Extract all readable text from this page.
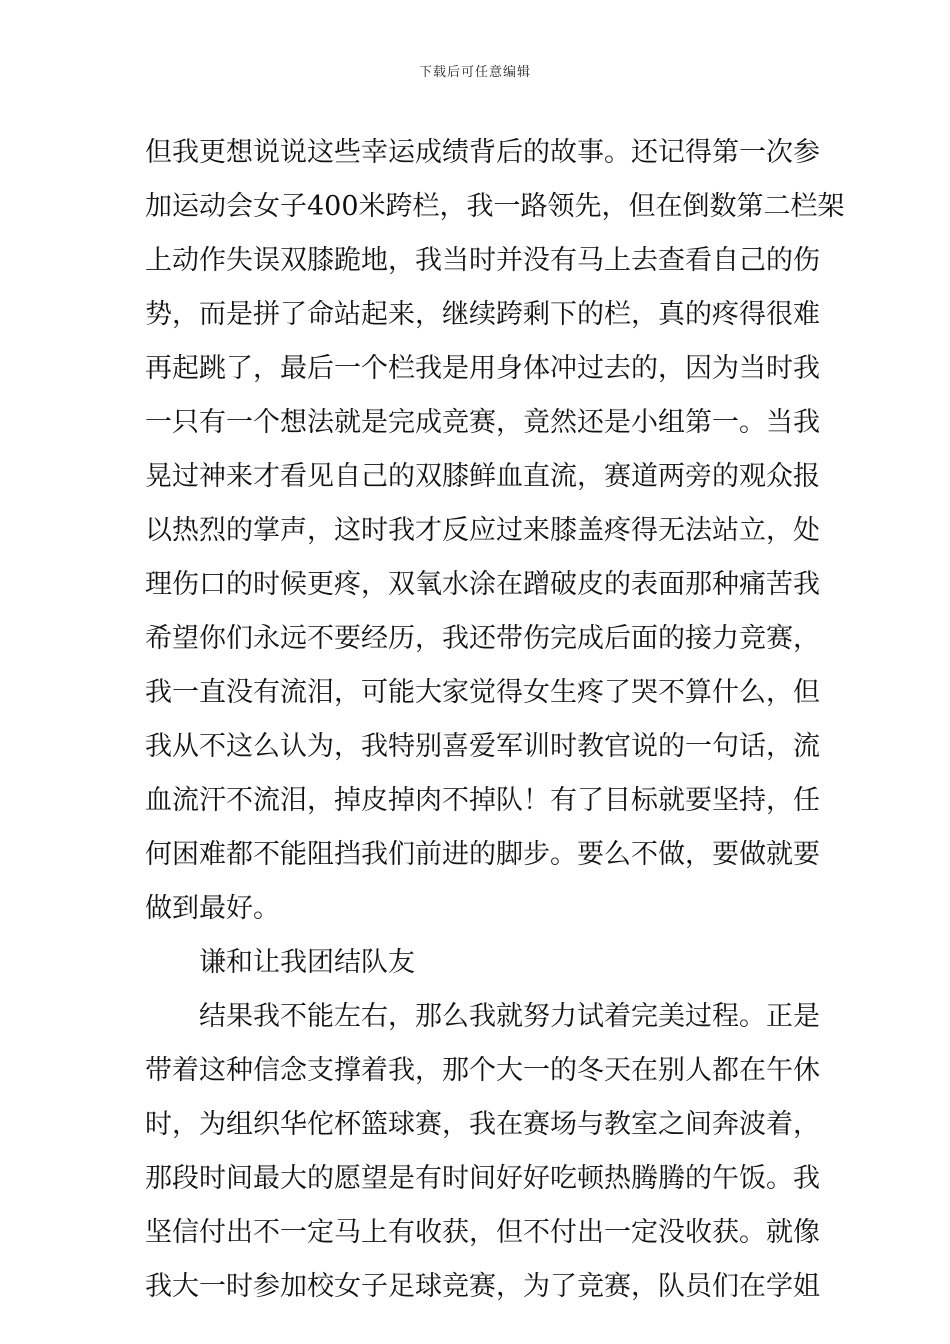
下载后可任意编辑
但我更想说说这些幸运成绩背后的故事。还记得第一次参
加运动会女子400米跨栏，我一路领先，但在倒数第二栏架
上动作失误双膝跪地，我当时并没有马上去查看自己的伤
势，而是拼了命站起来，继续跨剩下的栏，真的疼得很难
再起跳了，最后一个栏我是用身体冲过去的，因为当时我
一只有一个想法就是完成竞赛，竟然还是小组第一。当我
晃过神来才看见自己的双膝鲜血直流，赛道两旁的观众报
以热烈的掌声，这时我才反应过来膝盖疼得无法站立，处
理伤口的时候更疼，双氧水涂在蹭破皮的表面那种痛苦我
希望你们永远不要经历，我还带伤完成后面的接力竞赛，
我一直没有流泪，可能大家觉得女生疼了哭不算什么，但
我从不这么认为，我特别喜爱军训时教官说的一句话，流
血流汗不流泪，掉皮掉肉不掉队！有了目标就要坚持，任
何困难都不能阻挡我们前进的脚步。要么不做，要做就要
做到最好。
谦和让我团结队友
结果我不能左右，那么我就努力试着完美过程。正是
带着这种信念支撑着我，那个大一的冬天在别人都在午休
时，为组织华佗杯篮球赛，我在赛场与教室之间奔波着，
那段时间最大的愿望是有时间好好吃顿热腾腾的午饭。我
坚信付出不一定马上有收获，但不付出一定没收获。就像
我大一时参加校女子足球竞赛，为了竞赛，队员们在学姐
